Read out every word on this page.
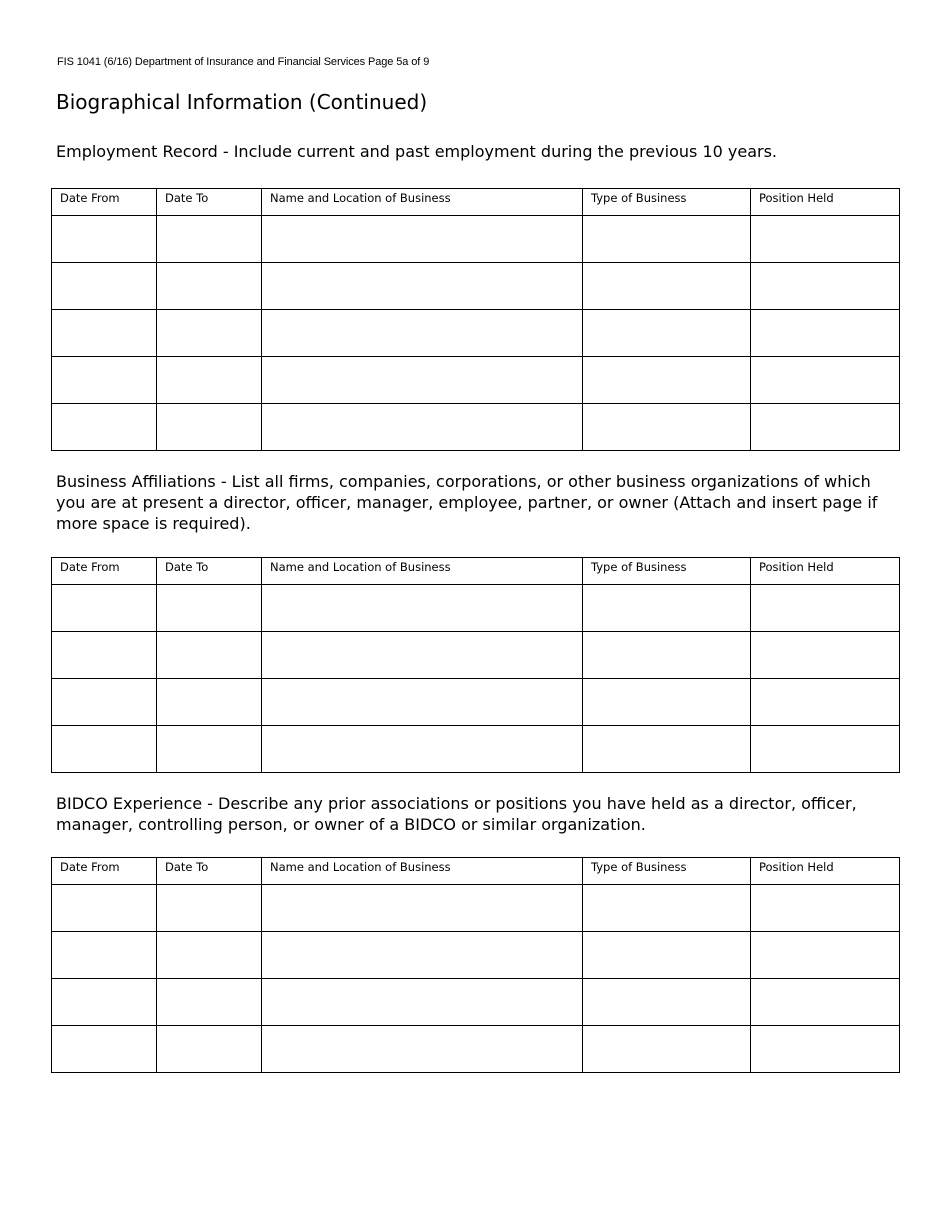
FIS 1041 (6/16) Department of Insurance and Financial Services Page 5a of 9
Biographical Information (Continued)
Employment Record - Include current and past employment during the previous 10 years.
Date From	Date To	Name and Location of Business	Type of Business	Position Held

Business Affiliations - List all firms, companies, corporations, or other business organizations of which you are at present a director, officer, manager, employee, partner, or owner (Attach and insert page if more space is required).
Date From	Date To	Name and Location of Business	Type of Business	Position Held

BIDCO Experience - Describe any prior associations or positions you have held as a director, officer, manager, controlling person, or owner of a BIDCO or similar organization.
Date From	Date To	Name and Location of Business	Type of Business	Position Held
